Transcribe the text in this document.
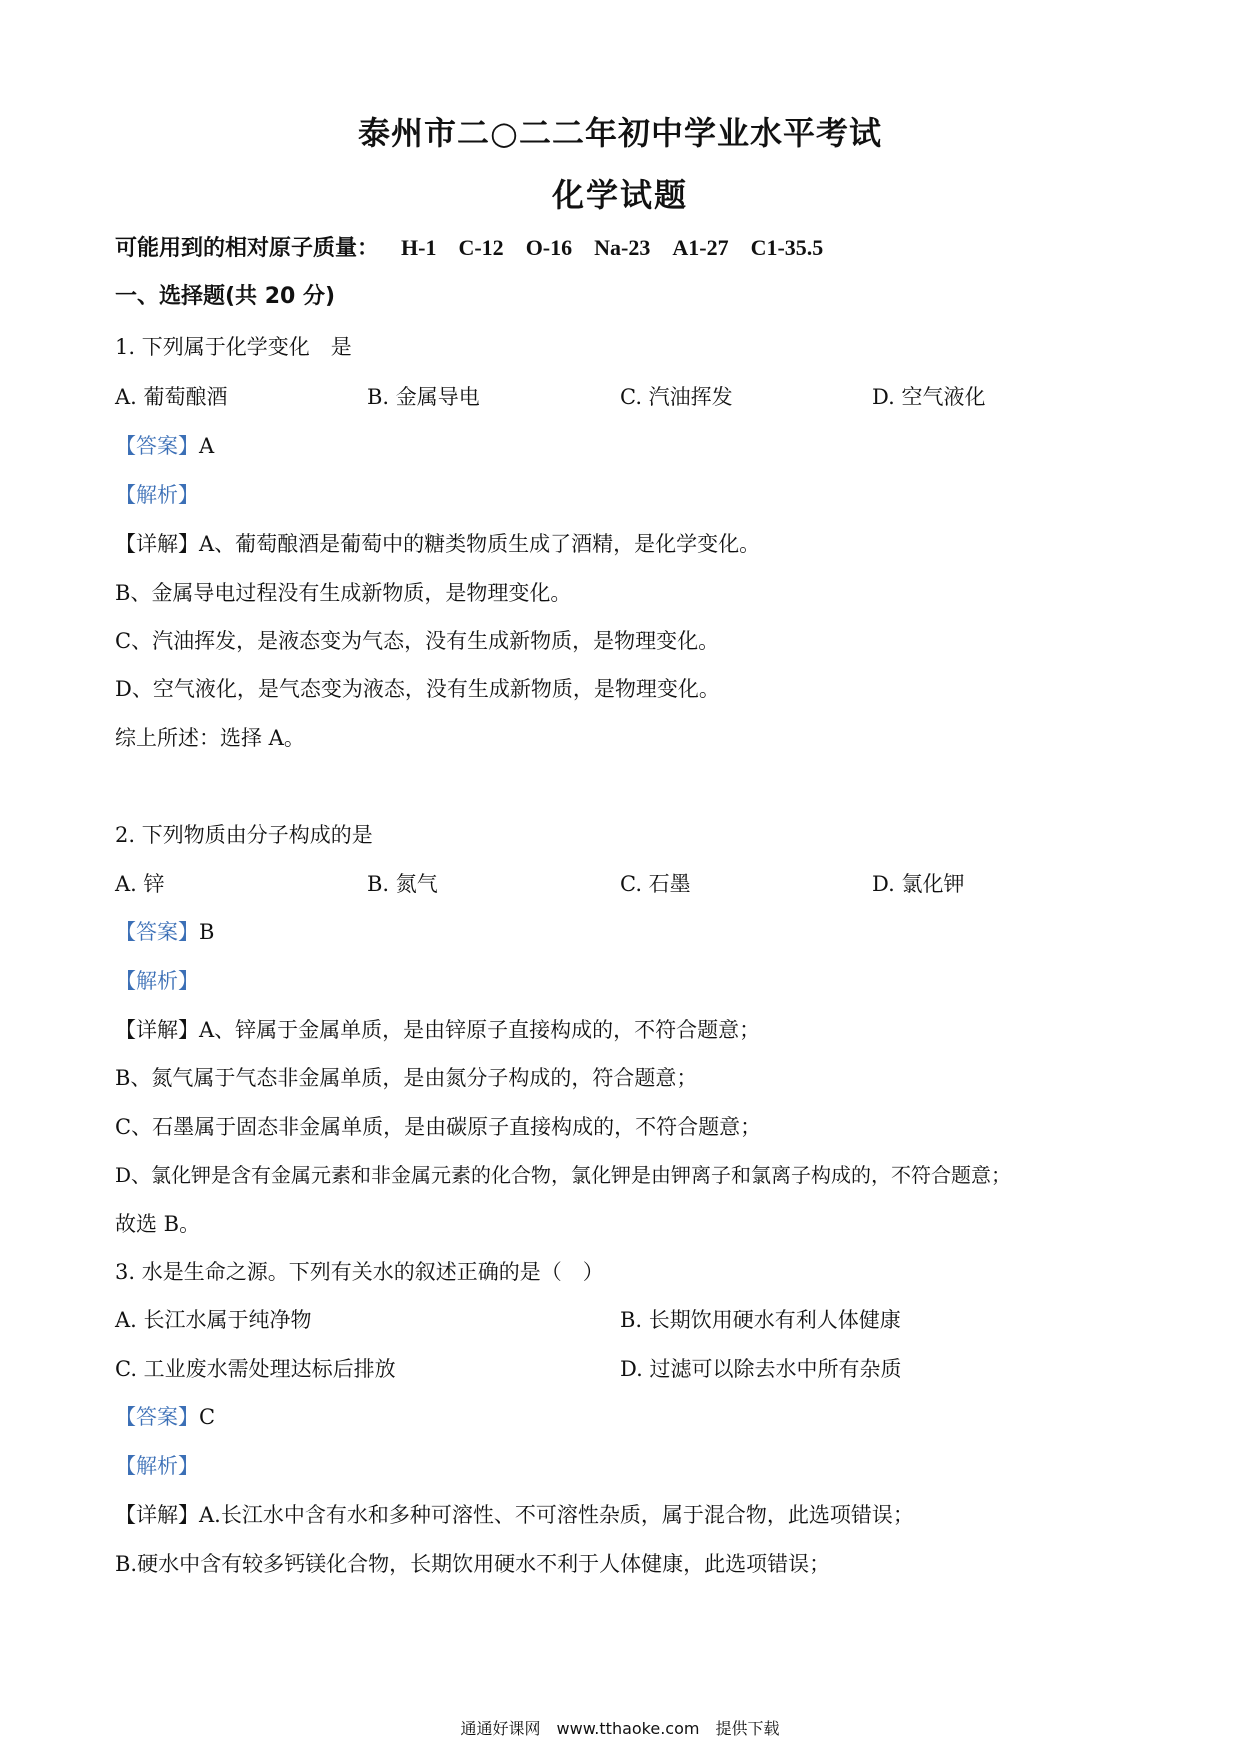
泰州市二○二二年初中学业水平考试
化学试题
可能用到的相对原子质量： H-1 C-12 O-16 Na-23 A1-27 C1-35.5
一、选择题(共 20 分)
1. 下列属于化学变化　是
A. 葡萄酿酒	B. 金属导电	C. 汽油挥发	D. 空气液化
【答案】A
【解析】
【详解】A、葡萄酿酒是葡萄中的糖类物质生成了酒精，是化学变化。
B、金属导电过程没有生成新物质，是物理变化。
C、汽油挥发，是液态变为气态，没有生成新物质，是物理变化。
D、空气液化，是气态变为液态，没有生成新物质，是物理变化。
综上所述：选择 A。
2. 下列物质由分子构成的是
A. 锌	B. 氮气	C. 石墨	D. 氯化钾
【答案】B
【解析】
【详解】A、锌属于金属单质，是由锌原子直接构成的，不符合题意；
B、氮气属于气态非金属单质，是由氮分子构成的，符合题意；
C、石墨属于固态非金属单质，是由碳原子直接构成的，不符合题意；
D、氯化钾是含有金属元素和非金属元素的化合物，氯化钾是由钾离子和氯离子构成的，不符合题意；
故选 B。
3. 水是生命之源。下列有关水的叙述正确的是（　）
A. 长江水属于纯净物	B. 长期饮用硬水有利人体健康
C. 工业废水需处理达标后排放	D. 过滤可以除去水中所有杂质
【答案】C
【解析】
【详解】A.长江水中含有水和多种可溶性、不可溶性杂质，属于混合物，此选项错误；
B.硬水中含有较多钙镁化合物，长期饮用硬水不利于人体健康，此选项错误；
通通好课网　www.tthaoke.com　提供下载
